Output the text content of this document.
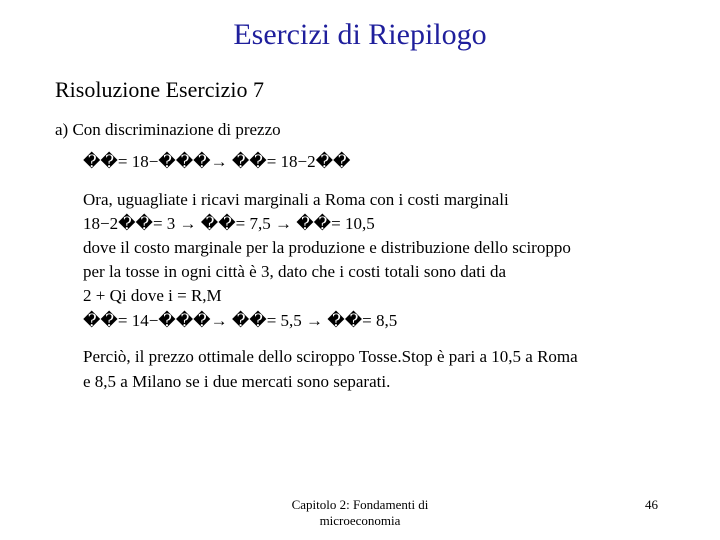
Esercizi di Riepilogo
Risoluzione Esercizio 7
a) Con discriminazione di prezzo
��= 18−���→ ��= 18−2��
Ora, uguagliate i ricavi marginali a Roma con i costi marginali
18−2��= 3 → ��= 7,5 → ��= 10,5
dove il costo marginale per la produzione e distribuzione dello sciroppo
per la tosse in ogni città è 3, dato che i costi totali sono dati da
2 + Qi dove i = R,M
��= 14−���→ ��= 5,5 → ��= 8,5
Perciò, il prezzo ottimale dello sciroppo Tosse.Stop è pari a 10,5 a Roma
e 8,5 a Milano se i due mercati sono separati.
Capitolo 2: Fondamenti di microeconomia
46
